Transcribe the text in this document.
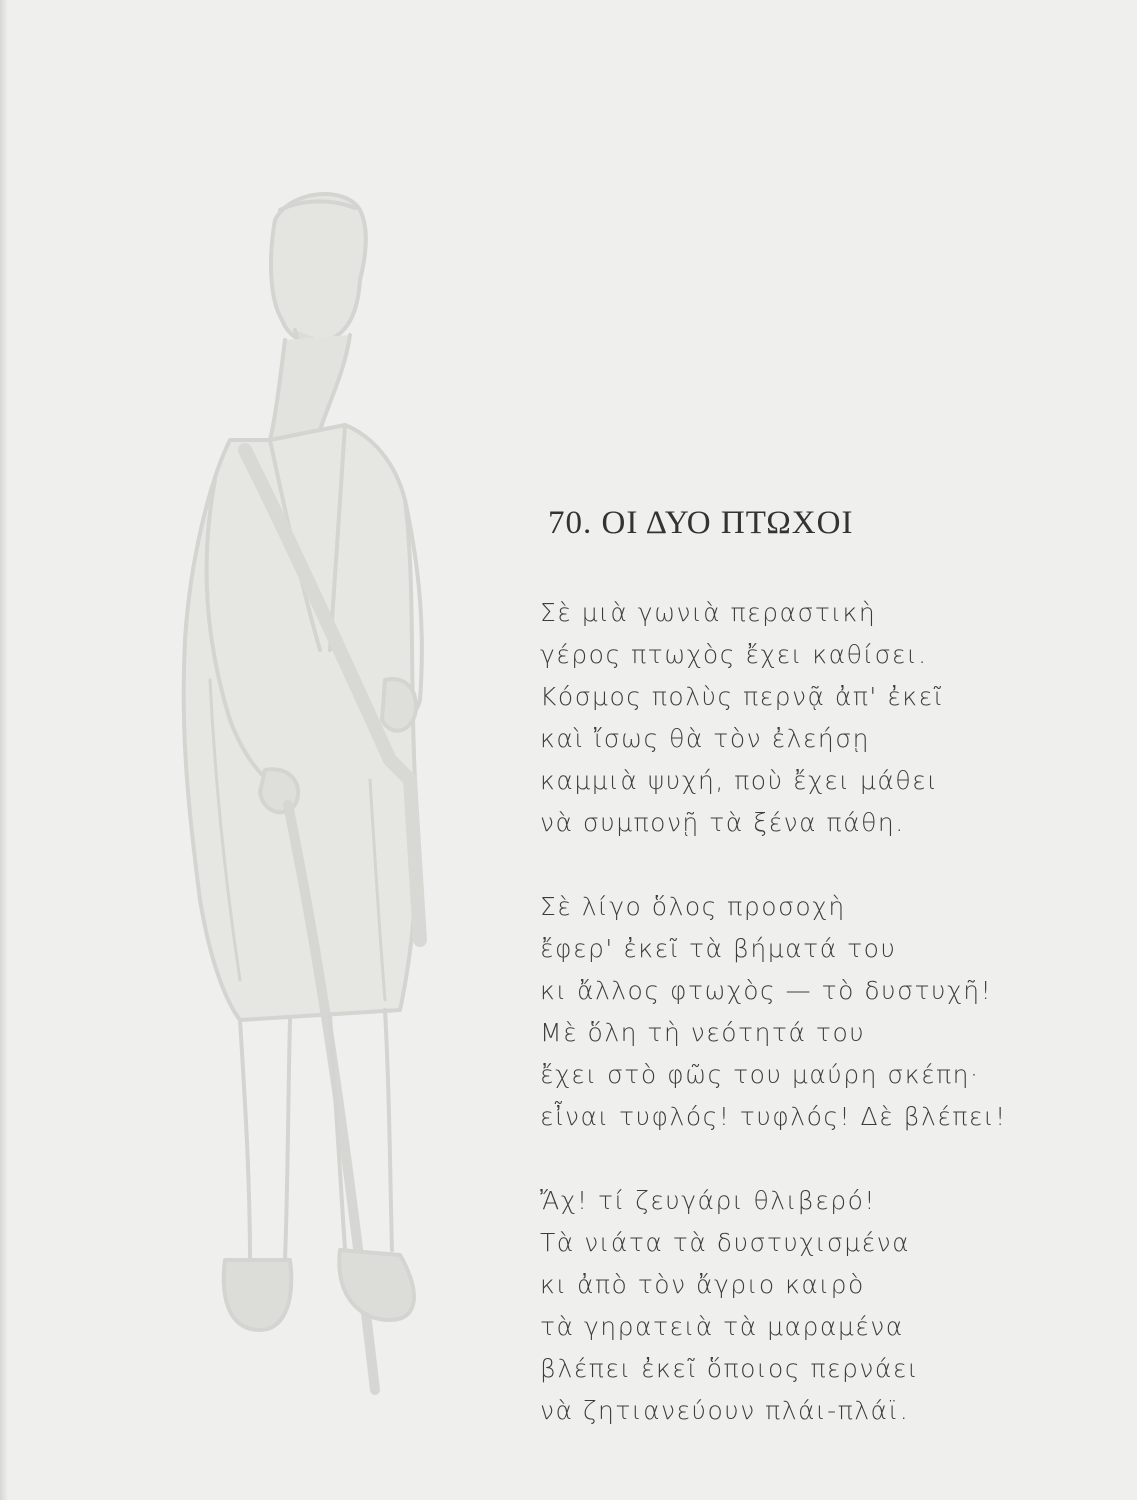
70. ΟΙ ΔΥΟ ΠΤΩΧΟΙ
Σὲ μιὰ γωνιὰ περαστικὴ
γέρος πτωχὸς ἔχει καθίσει.
Κόσμος πολὺς περνᾷ ἀπ' ἐκεῖ
καὶ ἴσως θὰ τὸν ἐλεήσῃ
καμμιὰ ψυχή, ποὺ ἔχει μάθει
νὰ συμπονῇ τὰ ξένα πάθη.
Σὲ λίγο ὅλος προσοχὴ
ἔφερ' ἐκεῖ τὰ βήματά του
κι ἄλλος φτωχὸς — τὸ δυστυχῆ!
Μὲ ὅλη τὴ νεότητά του
ἔχει στὸ φῶς του μαύρη σκέπη·
εἶναι τυφλός! τυφλός! Δὲ βλέπει!
Ἄχ! τί ζευγάρι θλιβερό!
Τὰ νιάτα τὰ δυστυχισμένα
κι ἀπὸ τὸν ἄγριο καιρὸ
τὰ γηρατειὰ τὰ μαραμένα
βλέπει ἐκεῖ ὅποιος περνάει
νὰ ζητιανεύουν πλάι-πλάϊ.
